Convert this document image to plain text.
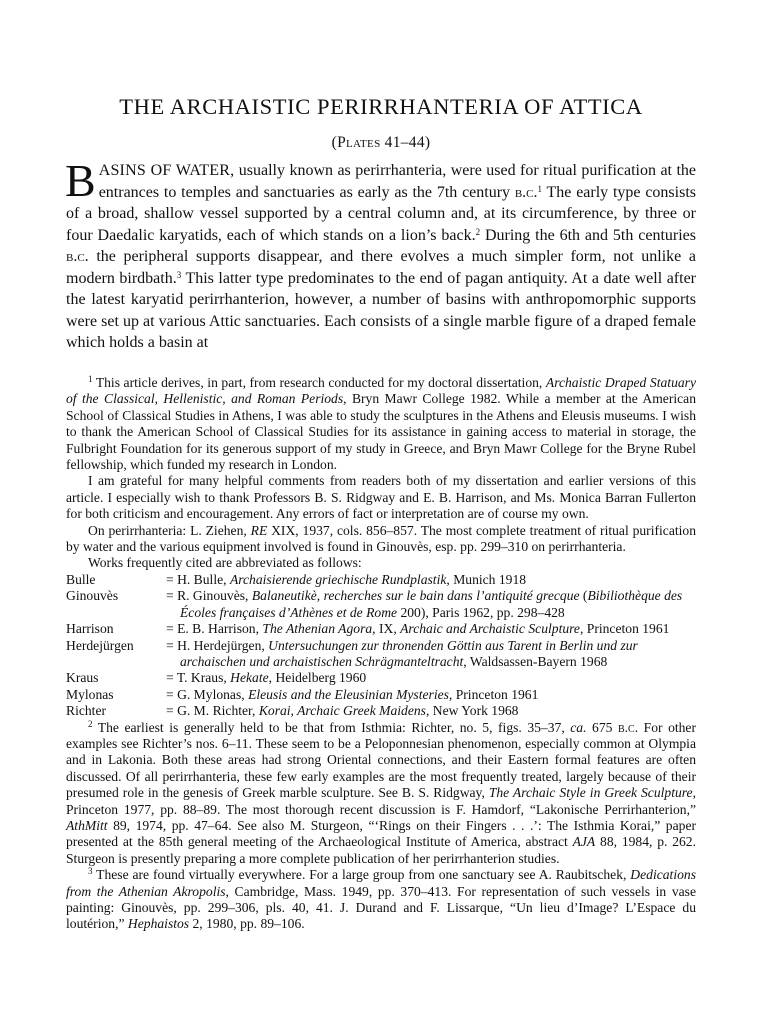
THE ARCHAISTIC PERIRRHANTERIA OF ATTICA
(Plates 41–44)

BASINS OF WATER, usually known as perirrhanteria, were used for ritual purification at the entrances to temples and sanctuaries as early as the 7th century b.c.$^1$ The early type consists of a broad, shallow vessel supported by a central column and, at its circumference, by three or four Daedalic karyatids, each of which stands on a lion’s back.$^2$ During the 6th and 5th centuries b.c. the peripheral supports disappear, and there evolves a much simpler form, not unlike a modern birdbath.$^3$ This latter type predominates to the end of pagan antiquity. At a date well after the latest karyatid perirrhanterion, however, a number of basins with anthropomorphic supports were set up at various Attic sanctuaries. Each consists of a single marble figure of a draped female which holds a basin at

$^1$ This article derives, in part, from research conducted for my doctoral dissertation, Archaistic Draped Statuary of the Classical, Hellenistic, and Roman Periods, Bryn Mawr College 1982. While a member at the American School of Classical Studies in Athens, I was able to study the sculptures in the Athens and Eleusis museums. I wish to thank the American School of Classical Studies for its assistance in gaining access to material in storage, the Fulbright Foundation for its generous support of my study in Greece, and Bryn Mawr College for the Bryne Rubel fellowship, which funded my research in London.

I am grateful for many helpful comments from readers both of my dissertation and earlier versions of this article. I especially wish to thank Professors B. S. Ridgway and E. B. Harrison, and Ms. Monica Barran Fullerton for both criticism and encouragement. Any errors of fact or interpretation are of course my own.

On perirrhanteria: L. Ziehen, RE XIX, 1937, cols. 856–857. The most complete treatment of ritual purification by water and the various equipment involved is found in Ginouvès, esp. pp. 299–310 on perirrhanteria.

Works frequently cited are abbreviated as follows:

Bulle	= H. Bulle, Archaisierende griechische Rundplastik, Munich 1918
Ginouvès	= R. Ginouvès, Balaneutikè, recherches sur le bain dans l’antiquité grecque (Bibiliothèque des Écoles françaises d’Athènes et de Rome 200), Paris 1962, pp. 298–428
Harrison	= E. B. Harrison, The Athenian Agora, IX, Archaic and Archaistic Sculpture, Princeton 1961
Herdejürgen	= H. Herdejürgen, Untersuchungen zur thronenden Göttin aus Tarent in Berlin und zur archaischen und archaistischen Schrägmanteltracht, Waldsassen-Bayern 1968
Kraus	= T. Kraus, Hekate, Heidelberg 1960
Mylonas	= G. Mylonas, Eleusis and the Eleusinian Mysteries, Princeton 1961
Richter	= G. M. Richter, Korai, Archaic Greek Maidens, New York 1968

$^2$ The earliest is generally held to be that from Isthmia: Richter, no. 5, figs. 35–37, ca. 675 b.c. For other examples see Richter’s nos. 6–11. These seem to be a Peloponnesian phenomenon, especially common at Olympia and in Lakonia. Both these areas had strong Oriental connections, and their Eastern formal features are often discussed. Of all perirrhanteria, these few early examples are the most frequently treated, largely because of their presumed role in the genesis of Greek marble sculpture. See B. S. Ridgway, The Archaic Style in Greek Sculpture, Princeton 1977, pp. 88–89. The most thorough recent discussion is F. Hamdorf, “Lakonische Perrirhanterion,” AthMitt 89, 1974, pp. 47–64. See also M. Sturgeon, “‘Rings on their Fingers . . .’: The Isthmia Korai,” paper presented at the 85th general meeting of the Archaeological Institute of America, abstract AJA 88, 1984, p. 262. Sturgeon is presently preparing a more complete publication of her perirrhanterion studies.

$^3$ These are found virtually everywhere. For a large group from one sanctuary see A. Raubitschek, Dedications from the Athenian Akropolis, Cambridge, Mass. 1949, pp. 370–413. For representation of such vessels in vase painting: Ginouvès, pp. 299–306, pls. 40, 41. J. Durand and F. Lissarque, “Un lieu d’Image? L’Espace du loutérion,” Hephaistos 2, 1980, pp. 89–106.
